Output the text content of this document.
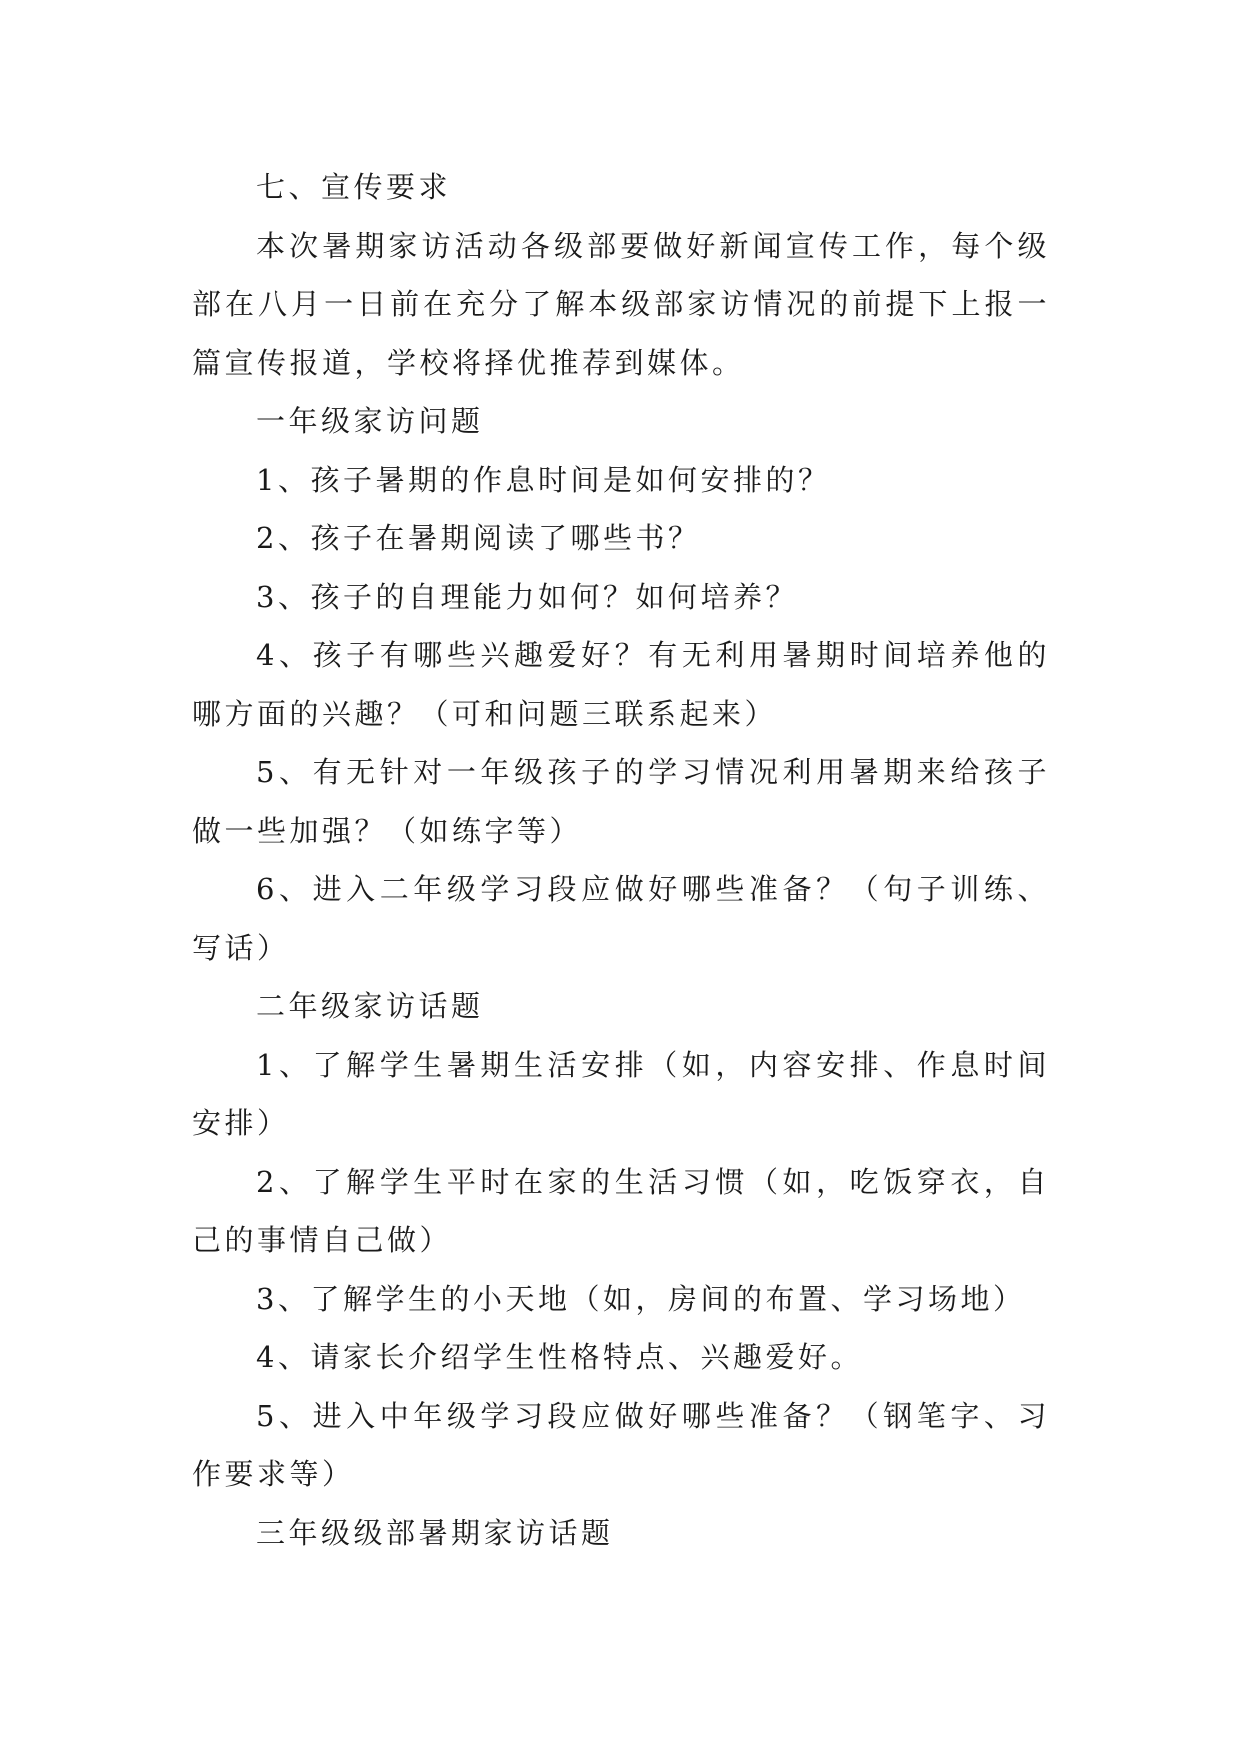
七、宣传要求

本次暑期家访活动各级部要做好新闻宣传工作，每个级部在八月一日前在充分了解本级部家访情况的前提下上报一篇宣传报道，学校将择优推荐到媒体。

一年级家访问题

1、孩子暑期的作息时间是如何安排的？

2、孩子在暑期阅读了哪些书？

3、孩子的自理能力如何？如何培养？

4、孩子有哪些兴趣爱好？有无利用暑期时间培养他的哪方面的兴趣？（可和问题三联系起来）

5、有无针对一年级孩子的学习情况利用暑期来给孩子做一些加强？（如练字等）

6、进入二年级学习段应做好哪些准备？（句子训练、写话）

二年级家访话题

1、了解学生暑期生活安排（如，内容安排、作息时间安排）

2、了解学生平时在家的生活习惯（如，吃饭穿衣，自己的事情自己做）

3、了解学生的小天地（如，房间的布置、学习场地）

4、请家长介绍学生性格特点、兴趣爱好。

5、进入中年级学习段应做好哪些准备？（钢笔字、习作要求等）

三年级级部暑期家访话题
